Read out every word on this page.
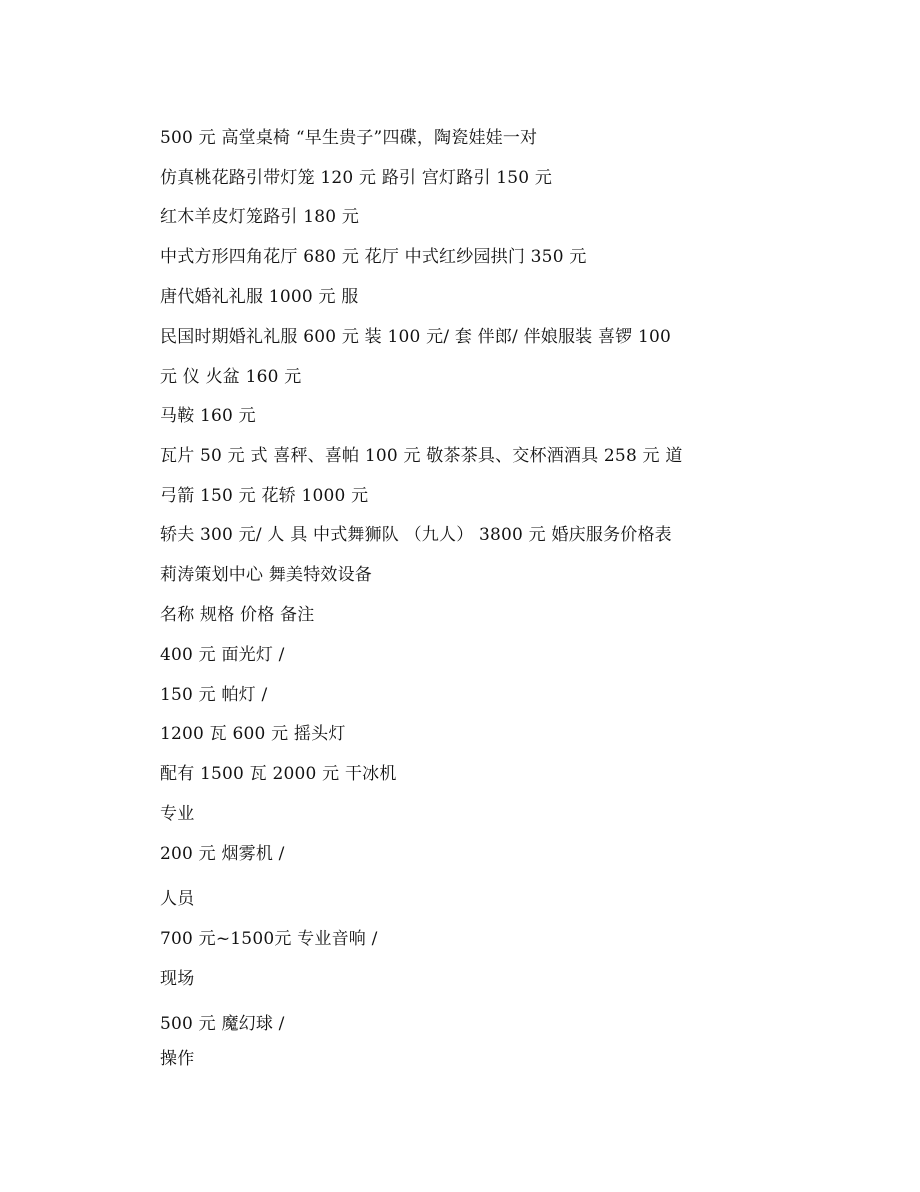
500 元 高堂桌椅 “早生贵子”四碟，陶瓷娃娃一对
仿真桃花路引带灯笼 120 元 路引 宫灯路引 150 元
红木羊皮灯笼路引 180 元
中式方形四角花厅 680 元 花厅 中式红纱园拱门 350 元
唐代婚礼礼服 1000 元 服
民国时期婚礼礼服 600 元 装 100 元/ 套 伴郎/ 伴娘服装 喜锣 100
元 仪 火盆 160 元
马鞍 160 元
瓦片 50 元 式 喜秤、喜帕 100 元 敬茶茶具、交杯酒酒具 258 元 道
弓箭 150 元 花轿 1000 元
轿夫 300 元/ 人 具 中式舞狮队 （九人） 3800 元 婚庆服务价格表
莉涛策划中心 舞美特效设备
名称 规格 价格 备注
400 元 面光灯 /
150 元 帕灯 /
1200 瓦 600 元 摇头灯
配有 1500 瓦 2000 元 干冰机
专业
200 元 烟雾机 /
人员
700 元~1500元 专业音响 /
现场
500 元 魔幻球 /
操作
